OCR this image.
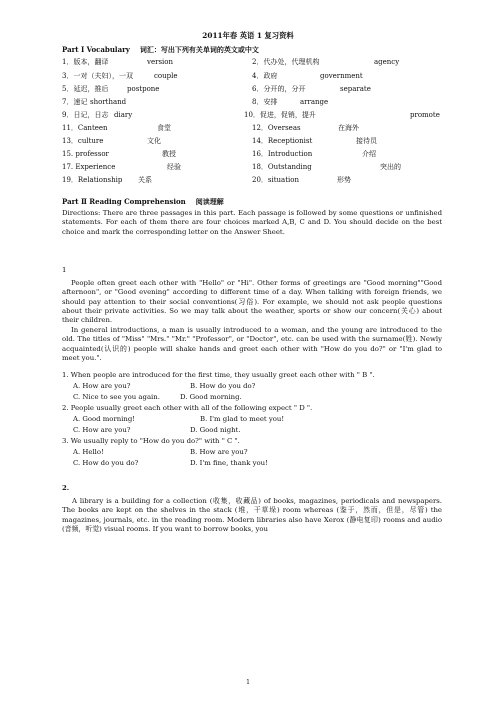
2011年春 英语 1 复习资料
Part I Vocabulary 词汇：写出下列有关单词的英文或中文
1．版本，翻译	version	2．代办处，代理机构	agency
3．一对（夫妇），一双	couple	4．政府	government
5．延迟，推后	postpone	6．分开的，分开	separate
7．速记 shorthand	8．安排	arrange
9．日记，日志 diary	10．促进，促销，提升	promote
11．Canteen	食堂	12．Overseas	在海外
13．culture	文化	14．Receptionist	接待员
15. professor	教授	16．Introduction	介绍
17. Experience	经验	18．Outstanding	突出的
19．Relationship 关系	20．situation	形势
Part Ⅱ Reading Comprehension 阅读理解
Directions: There are three passages in this part. Each passage is followed by some questions or unfinished statements. For each of them there are four choices marked A,B, C and D. You should decide on the best choice and mark the corresponding letter on the Answer Sheet.
1
People often greet each other with "Hello" or "Hi". Other forms of greetings are "Good morning""Good afternoon", or "Good evening" according to different time of a day. When talking with foreign friends, we should pay attention to their social conventions(习俗). For example, we should not ask people questions about their private activities. So we may talk about the weather, sports or show our concern(关心) about their children.
In general introductions, a man is usually introduced to a woman, and the young are introduced to the old. The titles of "Miss" "Mrs." "Mr." "Professor", or "Doctor", etc. can be used with the surname(姓). Newly acquainted(认识的) people will shake hands and greet each other with "How do you do?" or "I'm glad to meet you.".
1. When people are introduced for the first time, they usually greet each other with " B ".
A. How are you?	B. How do you do?
C. Nice to see you again.	D. Good morning.
2. People usually greet each other with all of the following expect " D ".
A. Good morning!	B. I'm glad to meet you!
C. How are you?	D. Good night.
3. We usually reply to "How do you do?" with " C ".
A. Hello!	B. How are you?
C. How do you do?	D. I'm fine, thank you!
2.
A library is a building for a collection (收集，收藏品) of books, magazines, periodicals and newspapers. The books are kept on the shelves in the stack (堆，干草垛) room whereas (鉴于，然而，但是，尽管) the magazines, journals, etc. in the reading room. Modern libraries also have Xerox (静电复印) rooms and audio (音频，听觉) visual rooms. If you want to borrow books, you
1
